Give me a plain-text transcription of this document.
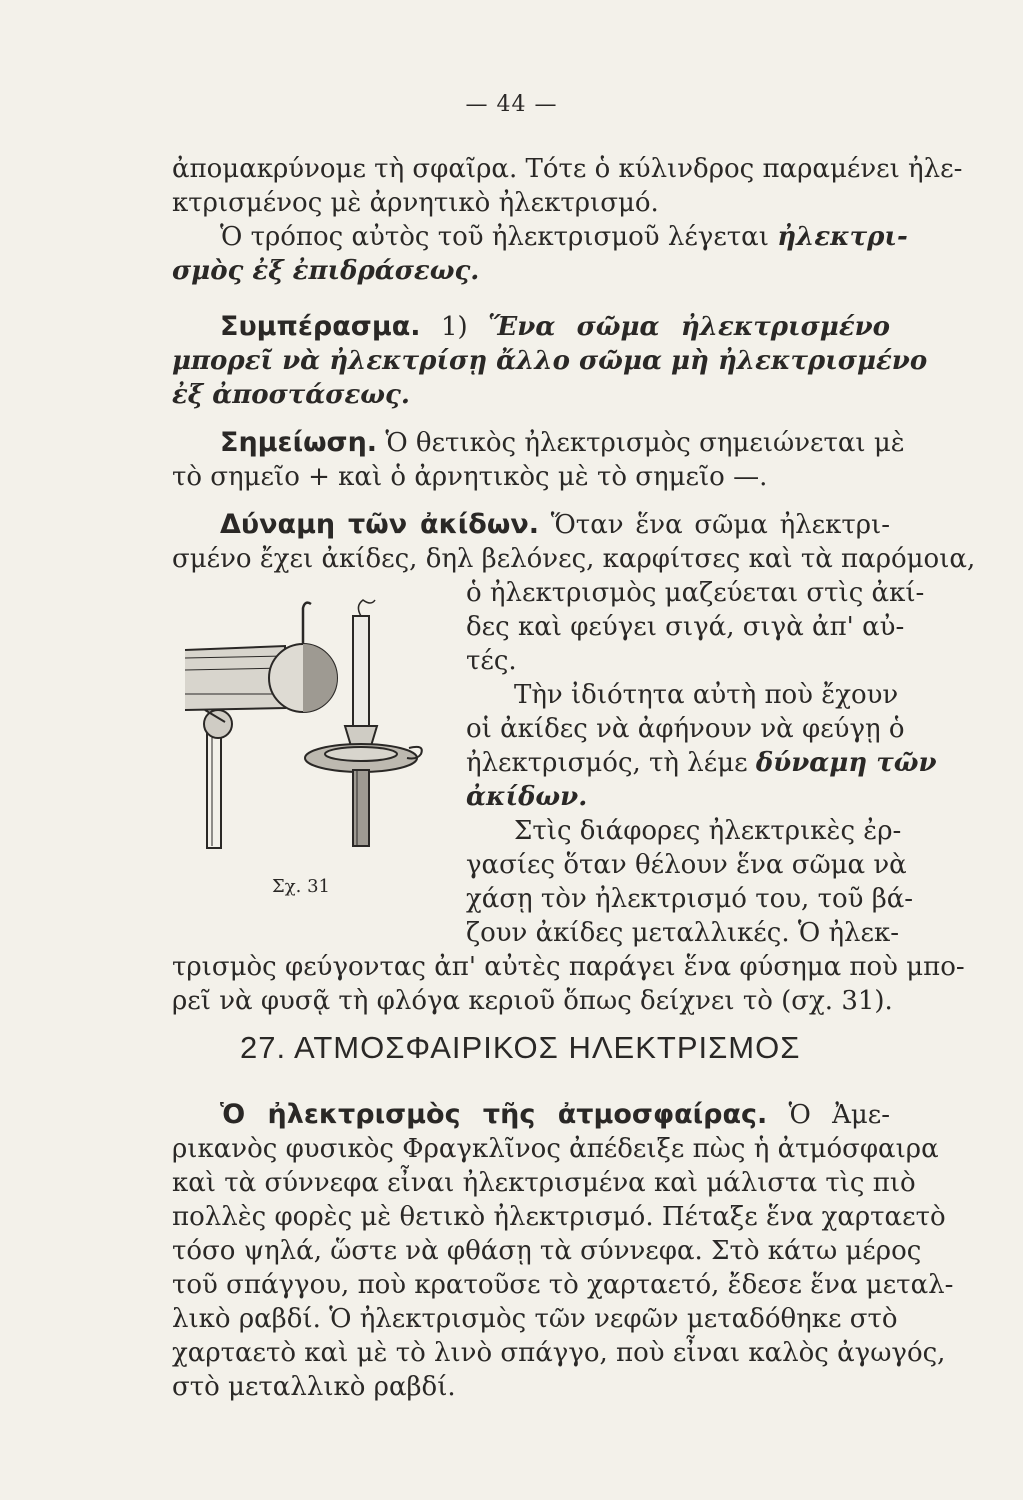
— 44 —
ἀπομακρύνομε τὴ σφαῖρα. Τότε ὁ κύλινδρος παραμένει ἠλε-
κτρισμένος μὲ ἀρνητικὸ ἠλεκτρισμό.
Ὁ τρόπος αὐτὸς τοῦ ἠλεκτρισμοῦ λέγεται ἠλεκτρι-
σμὸς ἐξ ἐπιδράσεως.
Συμπέρασμα. 1) Ἕνα σῶμα ἠλεκτρισμένο
μπορεῖ νὰ ἠλεκτρίσῃ ἄλλο σῶμα μὴ ἠλεκτρισμένο
ἐξ ἀποστάσεως.
Σημείωση. Ὁ θετικὸς ἠλεκτρισμὸς σημειώνεται μὲ
τὸ σημεῖο + καὶ ὁ ἀρνητικὸς μὲ τὸ σημεῖο —.
Δύναμη τῶν ἀκίδων. Ὅταν ἕνα σῶμα ἠλεκτρι-
σμένο ἔχει ἀκίδες, δηλ βελόνες, καρφίτσες καὶ τὰ παρόμοια,
ὁ ἠλεκτρισμὸς μαζεύεται στὶς ἀκί-
δες καὶ φεύγει σιγά, σιγὰ ἀπ' αὐ-
τές.
Τὴν ἰδιότητα αὐτὴ ποὺ ἔχουν
οἱ ἀκίδες νὰ ἀφήνουν νὰ φεύγῃ ὁ
ἠλεκτρισμός, τὴ λέμε δύναμη τῶν
ἀκίδων.
Στὶς διάφορες ἠλεκτρικὲς ἐρ-
γασίες ὅταν θέλουν ἕνα σῶμα νὰ
χάσῃ τὸν ἠλεκτρισμό του, τοῦ βά-
ζουν ἀκίδες μεταλλικές. Ὁ ἠλεκ-
τρισμὸς φεύγοντας ἀπ' αὐτὲς παράγει ἕνα φύσημα ποὺ μπο-
ρεῖ νὰ φυσᾷ τὴ φλόγα κεριοῦ ὅπως δείχνει τὸ (σχ. 31).
Σχ. 31
27. ΑΤΜΟΣΦΑΙΡΙΚΟΣ ΗΛΕΚΤΡΙΣΜΟΣ
Ὁ ἠλεκτρισμὸς τῆς ἀτμοσφαίρας. Ὁ Ἀμε-
ρικανὸς φυσικὸς Φραγκλῖνος ἀπέδειξε πὼς ἡ ἀτμόσφαιρα
καὶ τὰ σύννεφα εἶναι ἠλεκτρισμένα καὶ μάλιστα τὶς πιὸ
πολλὲς φορὲς μὲ θετικὸ ἠλεκτρισμό. Πέταξε ἕνα χαρταετὸ
τόσο ψηλά, ὥστε νὰ φθάσῃ τὰ σύννεφα. Στὸ κάτω μέρος
τοῦ σπάγγου, ποὺ κρατοῦσε τὸ χαρταετό, ἔδεσε ἕνα μεταλ-
λικὸ ραβδί. Ὁ ἠλεκτρισμὸς τῶν νεφῶν μεταδόθηκε στὸ
χαρταετὸ καὶ μὲ τὸ λινὸ σπάγγο, ποὺ εἶναι καλὸς ἀγωγός,
στὸ μεταλλικὸ ραβδί.
